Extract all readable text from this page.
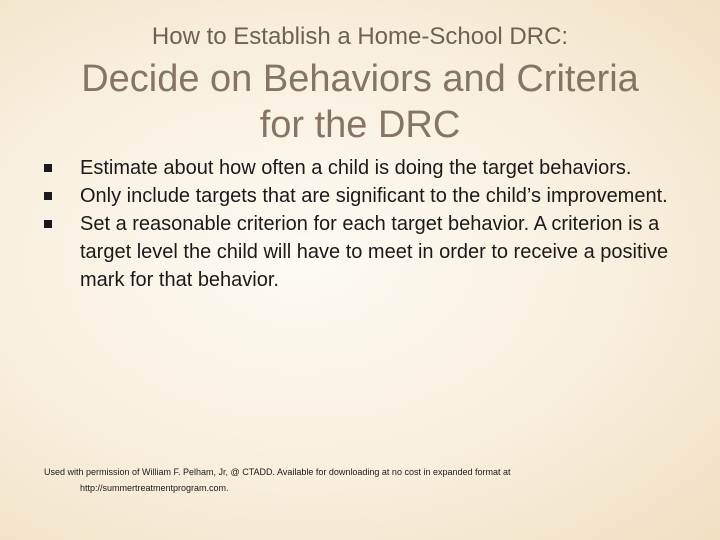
How to Establish a Home-School DRC:
Decide on Behaviors and Criteria
for the DRC
Estimate about how often a child is doing the target behaviors.
Only include targets that are significant to the child’s improvement.
Set a reasonable criterion for each target behavior. A criterion is a target level the child will have to meet in order to receive a positive mark for that behavior.
Used with permission of William F. Pelham, Jr, @ CTADD. Available for downloading at no cost in expanded format at
http://summertreatmentprogram.com.
